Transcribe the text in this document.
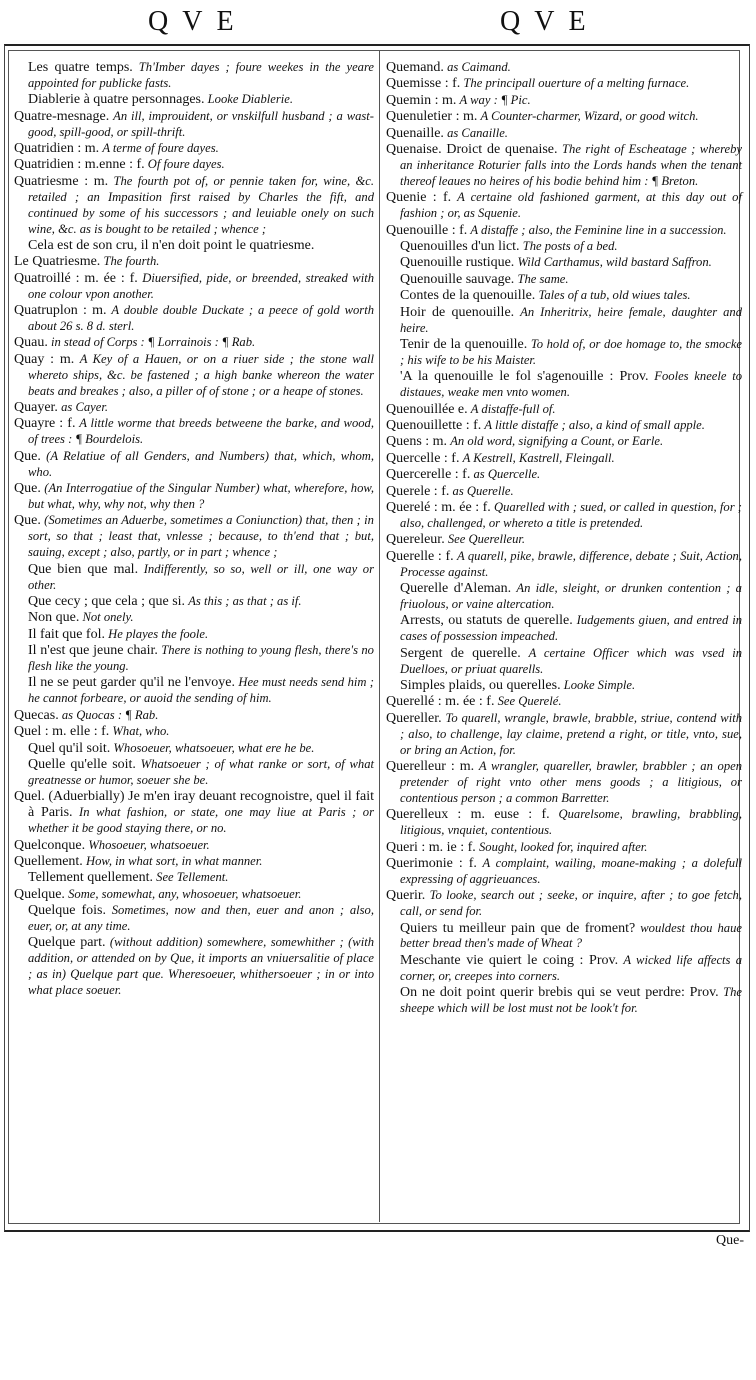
QVE	QVE

Les quatre temps. Th'Imber dayes ; foure weekes in the yeare appointed for publicke fasts.

Diablerie à quatre personnages. Looke Diablerie.

Quatre-mesnage. An ill, improuident, or vnskilfull husband ; a wast-good, spill-good, or spill-thrift.

Quatridien : m. A terme of foure dayes.

Quatridien : m.enne : f. Of foure dayes.

Quatriesme : m. The fourth pot of, or pennie taken for, wine, &c. retailed ; an Impasition first raised by Charles the fift, and continued by some of his successors ; and leuiable onely on such wine, &c. as is bought to be retailed ; whence ;

Cela est de son cru, il n'en doit point le quatriesme.

Le Quatriesme. The fourth.

Quatroillé : m. ée : f. Diuersified, pide, or breended, streaked with one colour vpon another.

Quatruplon : m. A double double Duckate ; a peece of gold worth about 26 s. 8 d. sterl.

Quau. in stead of Corps : ¶ Lorrainois : ¶ Rab.

Quay : m. A Key of a Hauen, or on a riuer side ; the stone wall whereto ships, &c. be fastened ; a high banke whereon the water beats and breakes ; also, a piller of of stone ; or a heape of stones.

Quayer. as Cayer.

Quayre : f. A little worme that breeds betweene the barke, and wood, of trees : ¶ Bourdelois.

Que. (A Relatiue of all Genders, and Numbers) that, which, whom, who.

Que. (An Interrogatiue of the Singular Number) what, wherefore, how, but what, why, why not, why then ?

Que. (Sometimes an Aduerbe, sometimes a Coniunction) that, then ; in sort, so that ; least that, vnlesse ; because, to th'end that ; but, sauing, except ; also, partly, or in part ; whence ;

Que bien que mal. Indifferently, so so, well or ill, one way or other.

Que cecy ; que cela ; que si. As this ; as that ; as if.

Non que. Not onely.

Il fait que fol. He playes the foole.

Il n'est que jeune chair. There is nothing to young flesh, there's no flesh like the young.

Il ne se peut garder qu'il ne l'envoye. Hee must needs send him ; he cannot forbeare, or auoid the sending of him.

Quecas. as Quocas : ¶ Rab.

Quel : m. elle : f. What, who.

Quel qu'il soit. Whosoeuer, whatsoeuer, what ere he be.

Quelle qu'elle soit. Whatsoeuer ; of what ranke or sort, of what greatnesse or humor, soeuer she be.

Quel. (Aduerbially) Je m'en iray deuant recognoistre, quel il fait à Paris. In what fashion, or state, one may liue at Paris ; or whether it be good staying there, or no.

Quelconque. Whosoeuer, whatsoeuer.

Quellement. How, in what sort, in what manner.

Tellement quellement. See Tellement.

Quelque. Some, somewhat, any, whosoeuer, whatsoeuer.

Quelque fois. Sometimes, now and then, euer and anon ; also, euer, or, at any time.

Quelque part. (without addition) somewhere, somewhither ; (with addition, or attended on by Que, it imports an vniuersalitie of place ; as in) Quelque part que. Wheresoeuer, whithersoeuer ; in or into what place soeuer.

Quemand. as Caimand.

Quemisse : f. The principall ouerture of a melting furnace.

Quemin : m. A way : ¶ Pic.

Quenuletier : m. A Counter-charmer, Wizard, or good witch.

Quenaille. as Canaille.

Quenaise. Droict de quenaise. The right of Escheatage ; whereby an inheritance Roturier falls into the Lords hands when the tenant thereof leaues no heires of his bodie behind him : ¶ Breton.

Quenie : f. A certaine old fashioned garment, at this day out of fashion ; or, as Squenie.

Quenouille : f. A distaffe ; also, the Feminine line in a succession.

Quenouilles d'un lict. The posts of a bed.

Quenouille rustique. Wild Carthamus, wild bastard Saffron.

Quenouille sauvage. The same.

Contes de la quenouille. Tales of a tub, old wiues tales.

Hoir de quenouille. An Inheritrix, heire female, daughter and heire.

Tenir de la quenouille. To hold of, or doe homage to, the smocke ; his wife to be his Maister.

'A la quenouille le fol s'agenouille : Prov. Fooles kneele to distaues, weake men vnto women.

Quenouillée e. A distaffe-full of.

Quenouillette : f. A little distaffe ; also, a kind of small apple.

Quens : m. An old word, signifying a Count, or Earle.

Quercelle : f. A Kestrell, Kastrell, Fleingall.

Quercerelle : f. as Quercelle.

Querele : f. as Querelle.

Querelé : m. ée : f. Quarelled with ; sued, or called in question, for ; also, challenged, or whereto a title is pretended.

Quereleur. See Querelleur.

Querelle : f. A quarell, pike, brawle, difference, debate ; Suit, Action, Processe against.

Querelle d'Aleman. An idle, sleight, or drunken contention ; a friuolous, or vaine altercation.

Arrests, ou statuts de querelle. Iudgements giuen, and entred in cases of possession impeached.

Sergent de querelle. A certaine Officer which was vsed in Duelloes, or priuat quarells.

Simples plaids, ou querelles. Looke Simple.

Querellé : m. ée : f. See Querelé.

Quereller. To quarell, wrangle, brawle, brabble, striue, contend with ; also, to challenge, lay claime, pretend a right, or title, vnto, sue, or bring an Action, for.

Querelleur : m. A wrangler, quareller, brawler, brabbler ; an open pretender of right vnto other mens goods ; a litigious, or contentious person ; a common Barretter.

Querelleux : m. euse : f. Quarelsome, brawling, brabbling, litigious, vnquiet, contentious.

Queri : m. ie : f. Sought, looked for, inquired after.

Querimonie : f. A complaint, wailing, moane-making ; a dolefull expressing of aggrieuances.

Querir. To looke, search out ; seeke, or inquire, after ; to goe fetch, call, or send for.

Quiers tu meilleur pain que de froment? wouldest thou haue better bread then's made of Wheat ?

Meschante vie quiert le coing : Prov. A wicked life affects a corner, or, creepes into corners.

On ne doit point querir brebis qui se veut perdre: Prov. The sheepe which will be lost must not be look't for.

Que-
